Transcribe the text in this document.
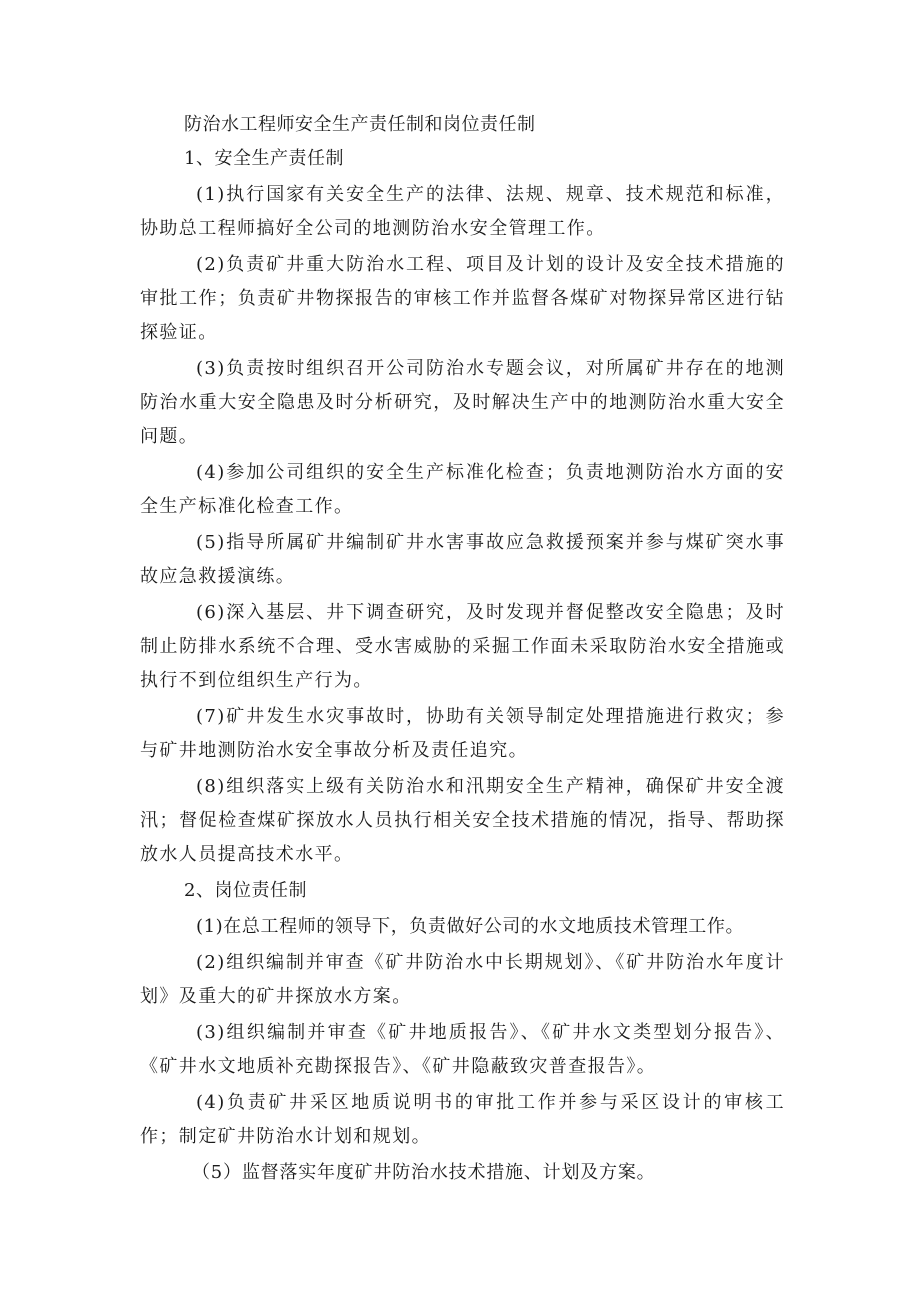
防治水工程师安全生产责任制和岗位责任制
1、安全生产责任制

(1)执行国家有关安全生产的法律、法规、规章、技术规范和标准，协助总工程师搞好全公司的地测防治水安全管理工作。

(2)负责矿井重大防治水工程、项目及计划的设计及安全技术措施的审批工作；负责矿井物探报告的审核工作并监督各煤矿对物探异常区进行钻探验证。

(3)负责按时组织召开公司防治水专题会议，对所属矿井存在的地测防治水重大安全隐患及时分析研究，及时解决生产中的地测防治水重大安全问题。

(4)参加公司组织的安全生产标准化检查；负责地测防治水方面的安全生产标准化检查工作。

(5)指导所属矿井编制矿井水害事故应急救援预案并参与煤矿突水事故应急救援演练。

(6)深入基层、井下调查研究，及时发现并督促整改安全隐患；及时制止防排水系统不合理、受水害威胁的采掘工作面未采取防治水安全措施或执行不到位组织生产行为。

(7)矿井发生水灾事故时，协助有关领导制定处理措施进行救灾；参与矿井地测防治水安全事故分析及责任追究。

(8)组织落实上级有关防治水和汛期安全生产精神，确保矿井安全渡汛；督促检查煤矿探放水人员执行相关安全技术措施的情况，指导、帮助探放水人员提高技术水平。

2、岗位责任制

(1)在总工程师的领导下，负责做好公司的水文地质技术管理工作。

(2)组织编制并审查《矿井防治水中长期规划》、《矿井防治水年度计划》及重大的矿井探放水方案。

(3)组织编制并审查《矿井地质报告》、《矿井水文类型划分报告》、《矿井水文地质补充勘探报告》、《矿井隐蔽致灾普查报告》。

(4)负责矿井采区地质说明书的审批工作并参与采区设计的审核工作；制定矿井防治水计划和规划。

（5）监督落实年度矿井防治水技术措施、计划及方案。
